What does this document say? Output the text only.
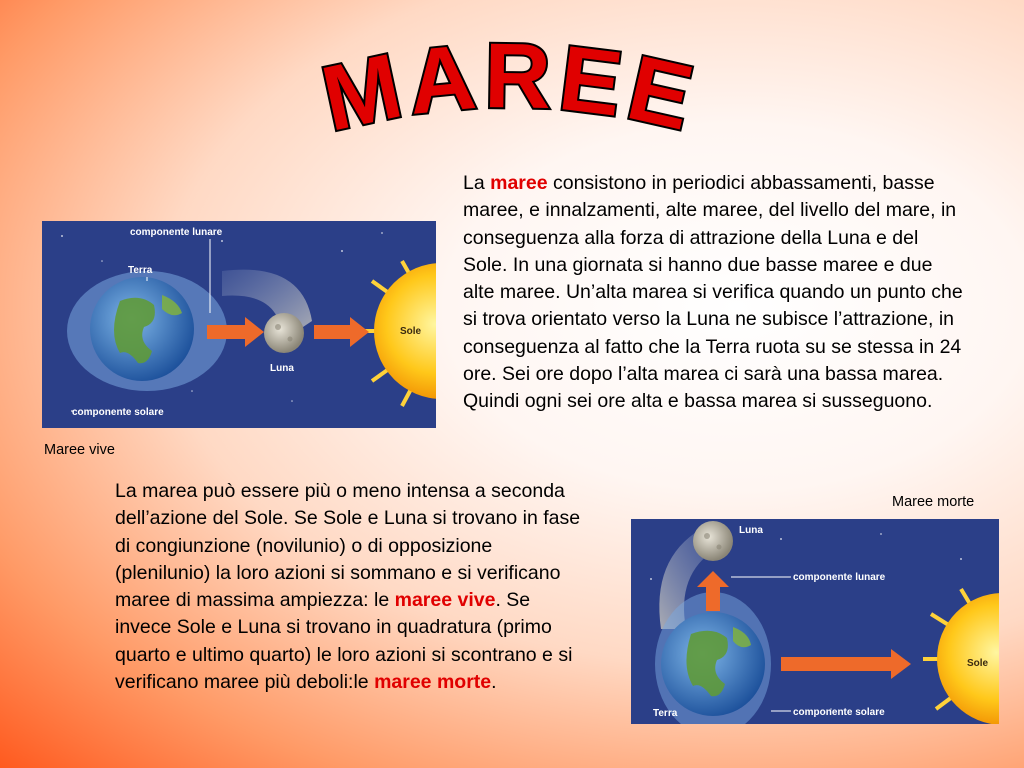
MAREE
componente lunare
Terra
Luna
Sole
componente solare
Maree vive
La maree consistono in periodici abbassamenti, basse maree, e innalzamenti, alte maree, del livello del mare, in conseguenza alla forza di attrazione della Luna e del Sole. In una giornata si hanno due basse maree e due alte maree. Un’alta marea si verifica quando un punto che si trova orientato verso la Luna ne subisce l’attrazione, in conseguenza al fatto che la Terra ruota su se stessa in 24 ore. Sei ore dopo l’alta marea ci sarà una bassa marea. Quindi ogni sei ore alta e bassa marea si susseguono.
La marea può essere più o meno intensa a seconda dell’azione del Sole. Se Sole e Luna si trovano in fase di congiunzione (novilunio) o di opposizione (plenilunio) la loro azioni si sommano e si verificano maree di massima ampiezza: le maree vive. Se invece Sole e Luna si trovano in quadratura (primo quarto e ultimo quarto) le loro azioni si scontrano e si verificano maree più deboli:le maree morte.
Maree morte
Luna
componente lunare
Sole
Terra	componente solare
